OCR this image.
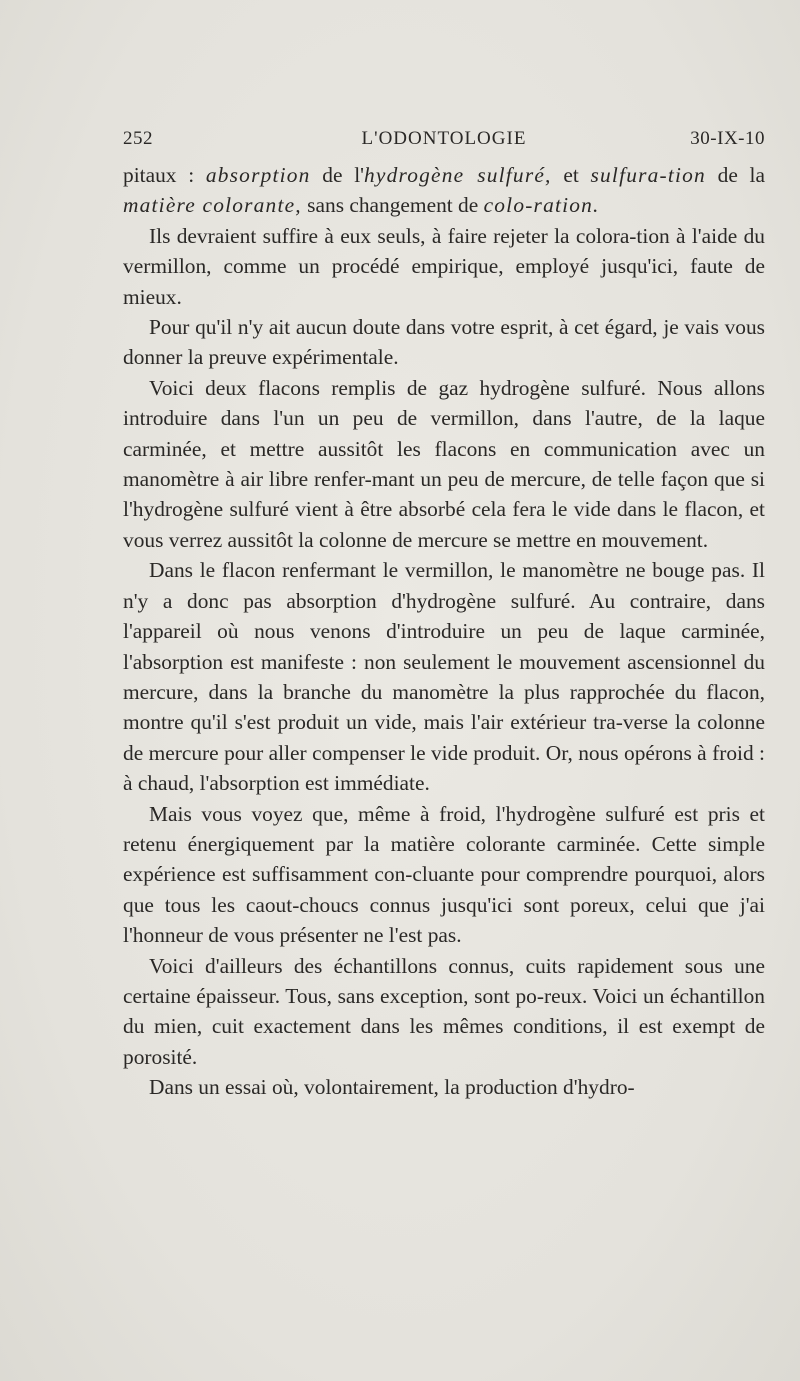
252	L'ODONTOLOGIE	30-IX-10

pitaux : absorption de l'hydrogène sulfuré, et sulfura-tion de la matière colorante, sans changement de colo-ration.

Ils devraient suffire à eux seuls, à faire rejeter la colora-tion à l'aide du vermillon, comme un procédé empirique, employé jusqu'ici, faute de mieux.

Pour qu'il n'y ait aucun doute dans votre esprit, à cet égard, je vais vous donner la preuve expérimentale.

Voici deux flacons remplis de gaz hydrogène sulfuré. Nous allons introduire dans l'un un peu de vermillon, dans l'autre, de la laque carminée, et mettre aussitôt les flacons en communication avec un manomètre à air libre renfer-mant un peu de mercure, de telle façon que si l'hydrogène sulfuré vient à être absorbé cela fera le vide dans le flacon, et vous verrez aussitôt la colonne de mercure se mettre en mouvement.

Dans le flacon renfermant le vermillon, le manomètre ne bouge pas. Il n'y a donc pas absorption d'hydrogène sulfuré. Au contraire, dans l'appareil où nous venons d'introduire un peu de laque carminée, l'absorption est manifeste : non seulement le mouvement ascensionnel du mercure, dans la branche du manomètre la plus rapprochée du flacon, montre qu'il s'est produit un vide, mais l'air extérieur tra-verse la colonne de mercure pour aller compenser le vide produit. Or, nous opérons à froid : à chaud, l'absorption est immédiate.

Mais vous voyez que, même à froid, l'hydrogène sulfuré est pris et retenu énergiquement par la matière colorante carminée. Cette simple expérience est suffisamment con-cluante pour comprendre pourquoi, alors que tous les caout-choucs connus jusqu'ici sont poreux, celui que j'ai l'honneur de vous présenter ne l'est pas.

Voici d'ailleurs des échantillons connus, cuits rapidement sous une certaine épaisseur. Tous, sans exception, sont po-reux. Voici un échantillon du mien, cuit exactement dans les mêmes conditions, il est exempt de porosité.

Dans un essai où, volontairement, la production d'hydro-
